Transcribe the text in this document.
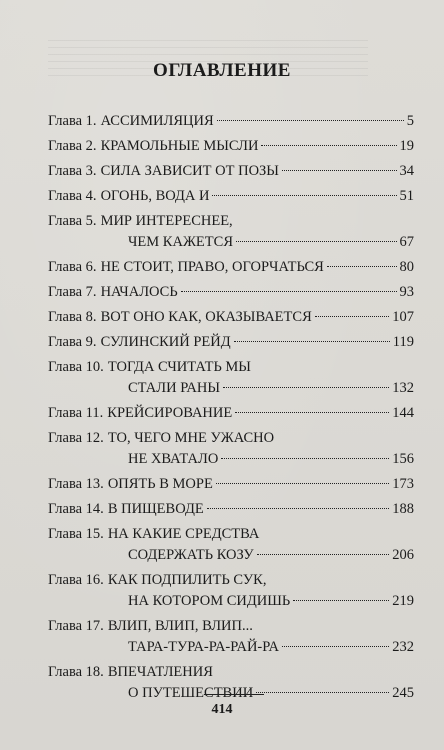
ОГЛАВЛЕНИЕ
Глава 1. АССИМИЛЯЦИЯ	5
Глава 2. КРАМОЛЬНЫЕ МЫСЛИ	19
Глава 3. СИЛА ЗАВИСИТ ОТ ПОЗЫ	34
Глава 4. ОГОНЬ, ВОДА И	51
Глава 5. МИР ИНТЕРЕСНЕЕ,
ЧЕМ КАЖЕТСЯ	67
Глава 6. НЕ СТОИТ, ПРАВО, ОГОРЧАТЬСЯ	80
Глава 7. НАЧАЛОСЬ	93
Глава 8. ВОТ ОНО КАК, ОКАЗЫВАЕТСЯ	107
Глава 9. СУЛИНСКИЙ РЕЙД	119
Глава 10. ТОГДА СЧИТАТЬ МЫ
СТАЛИ РАНЫ	132
Глава 11. КРЕЙСИРОВАНИЕ	144
Глава 12. ТО, ЧЕГО МНЕ УЖАСНО
НЕ ХВАТАЛО	156
Глава 13. ОПЯТЬ В МОРЕ	173
Глава 14. В ПИЩЕВОДЕ	188
Глава 15. НА КАКИЕ СРЕДСТВА
СОДЕРЖАТЬ КОЗУ	206
Глава 16. КАК ПОДПИЛИТЬ СУК,
НА КОТОРОМ СИДИШЬ	219
Глава 17. ВЛИП, ВЛИП, ВЛИП...
ТАРА-ТУРА-РА-РАЙ-РА	232
Глава 18. ВПЕЧАТЛЕНИЯ
О ПУТЕШЕСТВИИ	245
414
